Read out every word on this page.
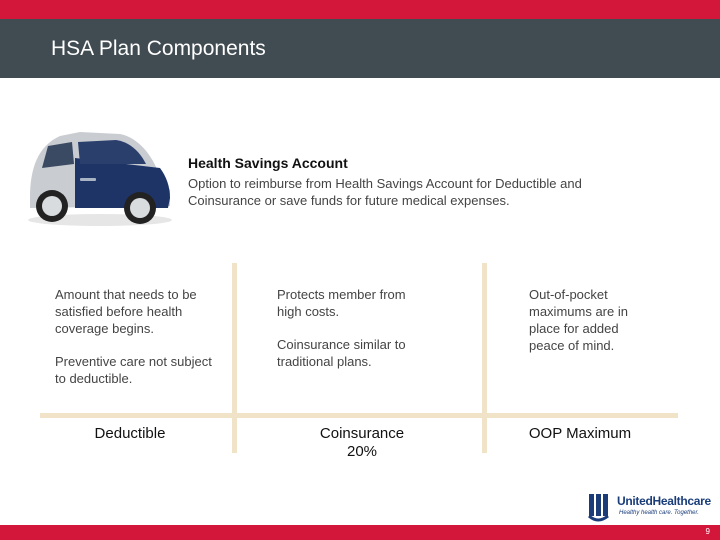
HSA Plan Components
Health Savings Account
Option to reimburse from Health Savings Account for Deductible and Coinsurance or save funds for future medical expenses.

Amount that needs to be satisfied before health coverage begins.

Preventive care not subject to deductible.

Protects member from high costs.

Coinsurance similar to traditional plans.

Out-of-pocket maximums are in place for added peace of mind.

Deductible	Coinsurance
20%
OOP Maximum
UnitedHealthcare
Healthy health care. Together.
9
